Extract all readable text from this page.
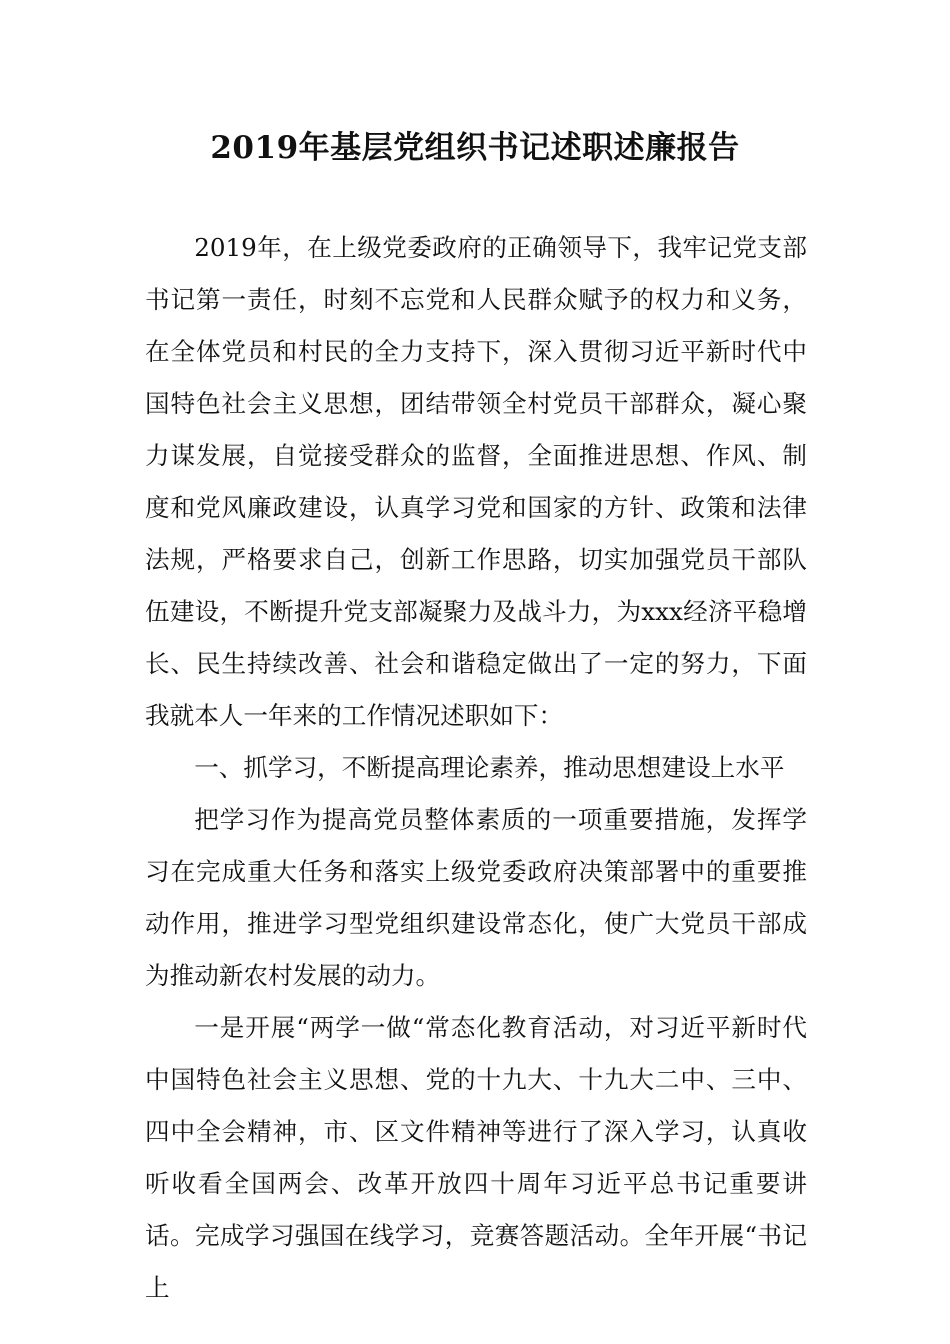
2019年基层党组织书记述职述廉报告

2019年，在上级党委政府的正确领导下，我牢记党支部书记第一责任，时刻不忘党和人民群众赋予的权力和义务，在全体党员和村民的全力支持下，深入贯彻习近平新时代中国特色社会主义思想，团结带领全村党员干部群众，凝心聚力谋发展，自觉接受群众的监督，全面推进思想、作风、制度和党风廉政建设，认真学习党和国家的方针、政策和法律法规，严格要求自己，创新工作思路，切实加强党员干部队伍建设，不断提升党支部凝聚力及战斗力，为xxx经济平稳增长、民生持续改善、社会和谐稳定做出了一定的努力，下面我就本人一年来的工作情况述职如下：

一、抓学习，不断提高理论素养，推动思想建设上水平

把学习作为提高党员整体素质的一项重要措施，发挥学习在完成重大任务和落实上级党委政府决策部署中的重要推动作用，推进学习型党组织建设常态化，使广大党员干部成为推动新农村发展的动力。

一是开展“两学一做“常态化教育活动，对习近平新时代中国特色社会主义思想、党的十九大、十九大二中、三中、四中全会精神，市、区文件精神等进行了深入学习，认真收听收看全国两会、改革开放四十周年习近平总书记重要讲话。完成学习强国在线学习，竞赛答题活动。全年开展“书记上
